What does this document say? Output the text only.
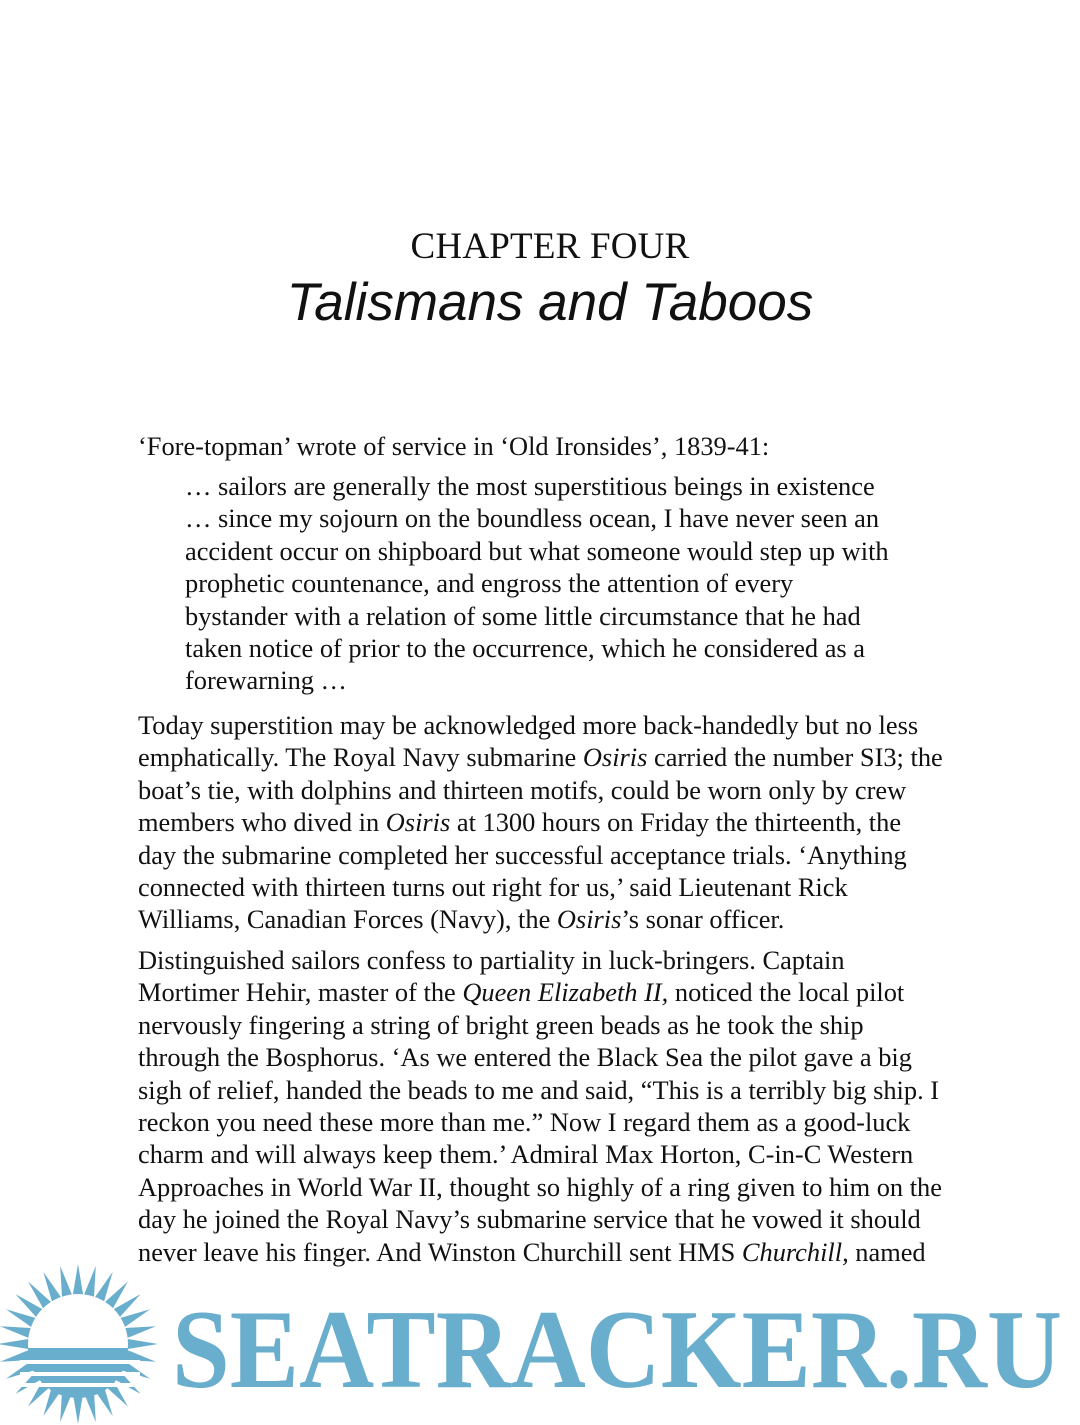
CHAPTER FOUR
Talismans and Taboos
‘Fore-topman’ wrote of service in ‘Old Ironsides’, 1839-41:
… sailors are generally the most superstitious beings in existence
… since my sojourn on the boundless ocean, I have never seen an
accident occur on shipboard but what someone would step up with
prophetic countenance, and engross the attention of every
bystander with a relation of some little circumstance that he had
taken notice of prior to the occurrence, which he considered as a
forewarning …
Today superstition may be acknowledged more back-handedly but no less
emphatically. The Royal Navy submarine Osiris carried the number SI3; the
boat’s tie, with dolphins and thirteen motifs, could be worn only by crew
members who dived in Osiris at 1300 hours on Friday the thirteenth, the
day the submarine completed her successful acceptance trials. ‘Anything
connected with thirteen turns out right for us,’ said Lieutenant Rick
Williams, Canadian Forces (Navy), the Osiris’s sonar officer.
Distinguished sailors confess to partiality in luck-bringers. Captain
Mortimer Hehir, master of the Queen Elizabeth II, noticed the local pilot
nervously fingering a string of bright green beads as he took the ship
through the Bosphorus. ‘As we entered the Black Sea the pilot gave a big
sigh of relief, handed the beads to me and said, “This is a terribly big ship. I
reckon you need these more than me.” Now I regard them as a good-luck
charm and will always keep them.’ Admiral Max Horton, C-in-C Western
Approaches in World War II, thought so highly of a ring given to him on the
day he joined the Royal Navy’s submarine service that he vowed it should
never leave his finger. And Winston Churchill sent HMS Churchill, named
SEATRACKER.RU
